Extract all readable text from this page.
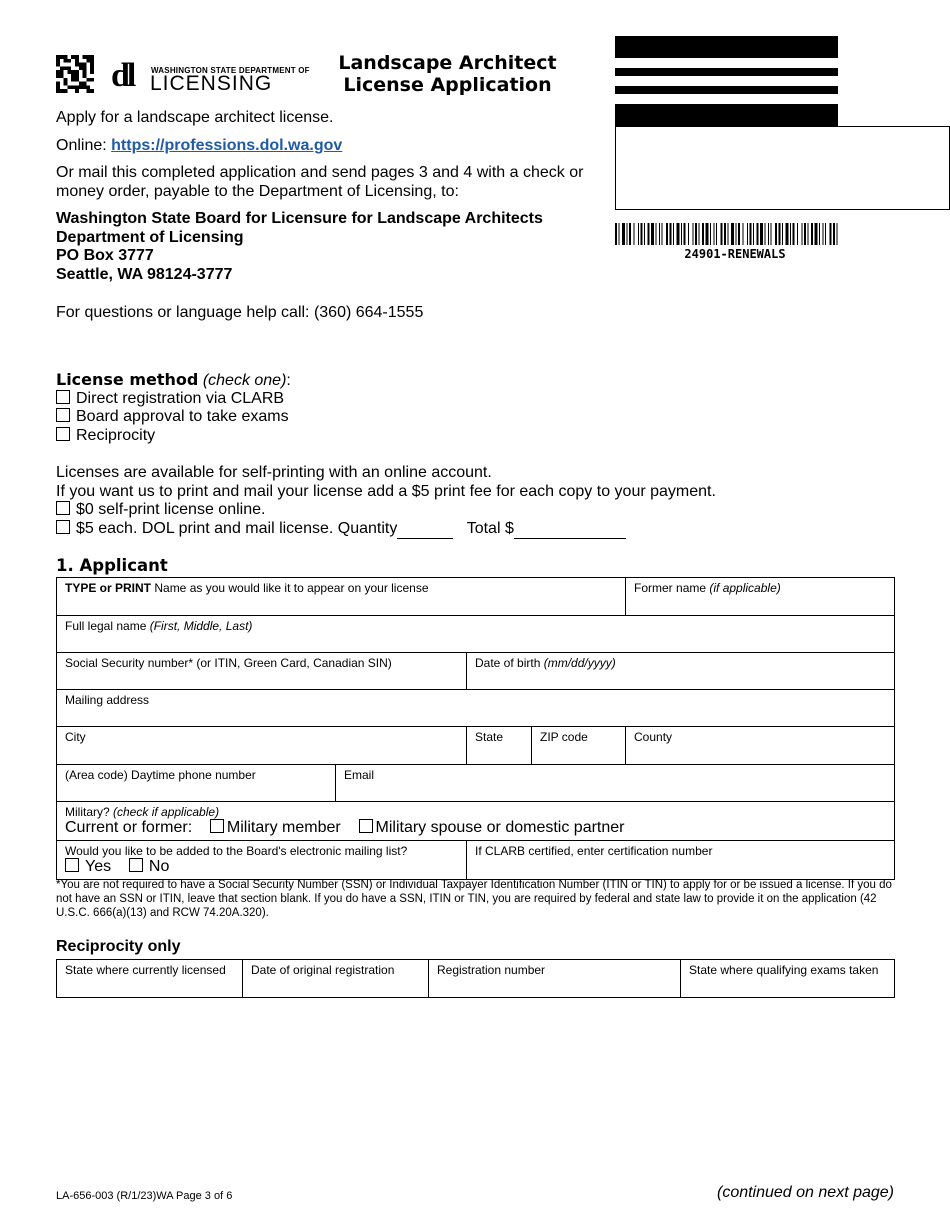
dl WASHINGTON STATE DEPARTMENT OF
LICENSING
Landscape Architect
License Application
24901-RENEWALS
Apply for a landscape architect license.
Online: https://professions.dol.wa.gov
Or mail this completed application and send pages 3 and 4 with a check or money order, payable to the Department of Licensing, to:
Washington State Board for Licensure for Landscape Architects
Department of Licensing
PO Box 3777
Seattle, WA 98124-3777
For questions or language help call: (360) 664-1555
License method (check one):
Direct registration via CLARB
Board approval to take exams
Reciprocity
Licenses are available for self-printing with an online account.
If you want us to print and mail your license add a $5 print fee for each copy to your payment.
$0 self-print license online.
$5 each. DOL print and mail license. Quantity	Total $
1. Applicant
TYPE or PRINT Name as you would like it to appear on your license			Former name (if applicable)
Full legal name (First, Middle, Last)			
Social Security number* (or ITIN, Green Card, Canadian SIN)	Date of birth (mm/dd/yyyy)		
Mailing address			
City	State	ZIP code	County
(Area code) Daytime phone number	Email	

Military? (check if applicable)
Current or former: Military member Military spouse or domestic partner		

Would you like to be added to the Board's electronic mailing list?
Yes No		If CLARB certified, enter certification number
*You are not required to have a Social Security Number (SSN) or Individual Taxpayer Identification Number (ITIN or TIN) to apply for or be issued a license. If you do not have an SSN or ITIN, leave that section blank. If you do have a SSN, ITIN or TIN, you are required by federal and state law to provide it on the application (42 U.S.C. 666(a)(13) and RCW 74.20A.320).
Reciprocity only
State where currently licensed	Date of original registration	Registration number	State where qualifying exams taken
LA-656-003 (R/1/23)WA Page 3 of 6	(continued on next page)
